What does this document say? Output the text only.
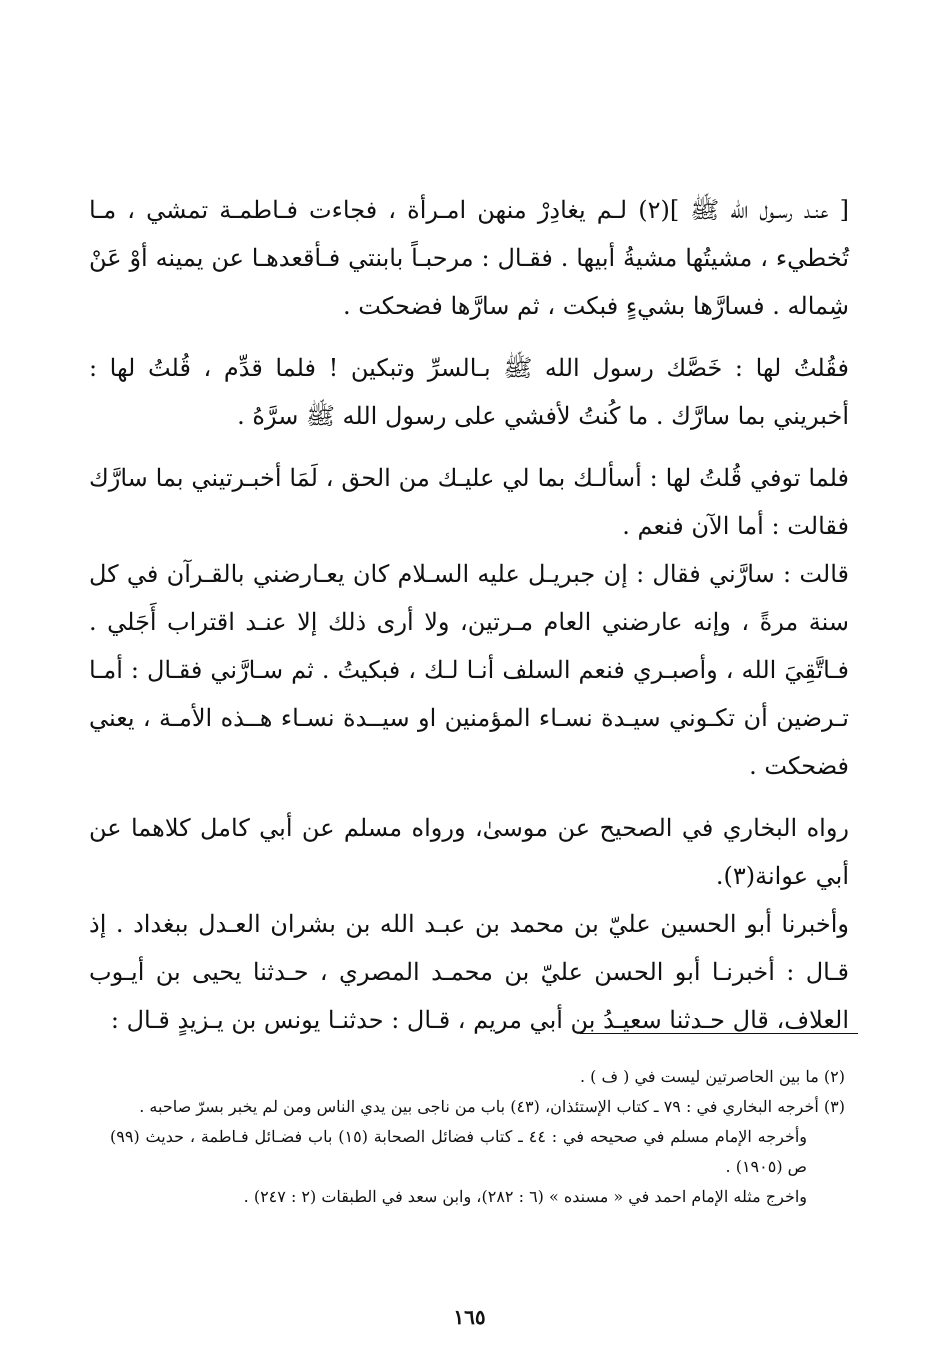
[ عنـد رسـول الله ﷺ ](٢) لـم يغادِرْ منهن امـرأة ، فجاءت فـاطمـة تمشي ، مـا تُخطيء ، مشيتُها مشيةُ أبيها . فقـال : مرحبـاً بابنتي فـأقعدهـا عن يمينه أوْ عَنْ شِماله . فسارَّها بشيءٍ فبكت ، ثم سارَّها فضحكت .

فقُلتُ لها : خَصَّك رسول الله ﷺ بـالسرِّ وتبكين ! فلما قدِّم ، قُلتُ لها : أخبريني بما سارَّك . ما كُنتُ لأفشي على رسول الله ﷺ سرَّهُ .

فلما توفي قُلتُ لها : أسألـك بما لي عليـك من الحق ، لَمَا أخبـرتيني بما سارَّك فقالت : أما الآن فنعم .

قالت : سارَّني فقال : إن جبريـل عليه السـلام كان يعـارضني بالقـرآن في كل سنة مرةً ، وإنه عارضني العام مـرتين، ولا أرى ذلك إلا عنـد اقتراب أَجَلي . فـاتَّقِيَ الله ، وأصبـري فنعم السلف أنـا لـك ، فبكيتُ . ثم سـارَّني فقـال : أمـا تـرضين أن تكـوني سيـدة نسـاء المؤمنين او سيــدة نسـاء هــذه الأمـة ، يعني فضحكت .

رواه البخاري في الصحيح عن موسىٰ، ورواه مسلم عن أبي كامل كلاهما عن أبي عوانة(٣).

وأخبرنا أبو الحسين عليّ بن محمد بن عبـد الله بن بشران العـدل ببغداد . إذ قـال : أخبرنـا أبو الحسن عليّ بن محمـد المصري ، حـدثنا يحيى بن أيـوب العلاف، قال حـدثنا سعيـدُ بن أبي مريم ، قـال : حدثنـا يونس بن يـزيدٍ قـال :

(٢) ما بين الحاصرتين ليست في ( ف ) .

(٣) أخرجه البخاري في : ٧٩ ـ كتاب الإستئذان، (٤٣) باب من ناجى بين يدي الناس ومن لم يخبر بسرّ صاحبه .

وأخرجه الإمام مسلم في صحيحه في : ٤٤ ـ كتاب فضائل الصحابة (١٥) باب فضـائل فـاطمة ، حديث (٩٩) ص (١٩٠٥) .

واخرج مثله الإمام احمد في « مسنده » (٦ : ٢٨٢)، وابن سعد في الطبقات (٢ : ٢٤٧) .

١٦٥
